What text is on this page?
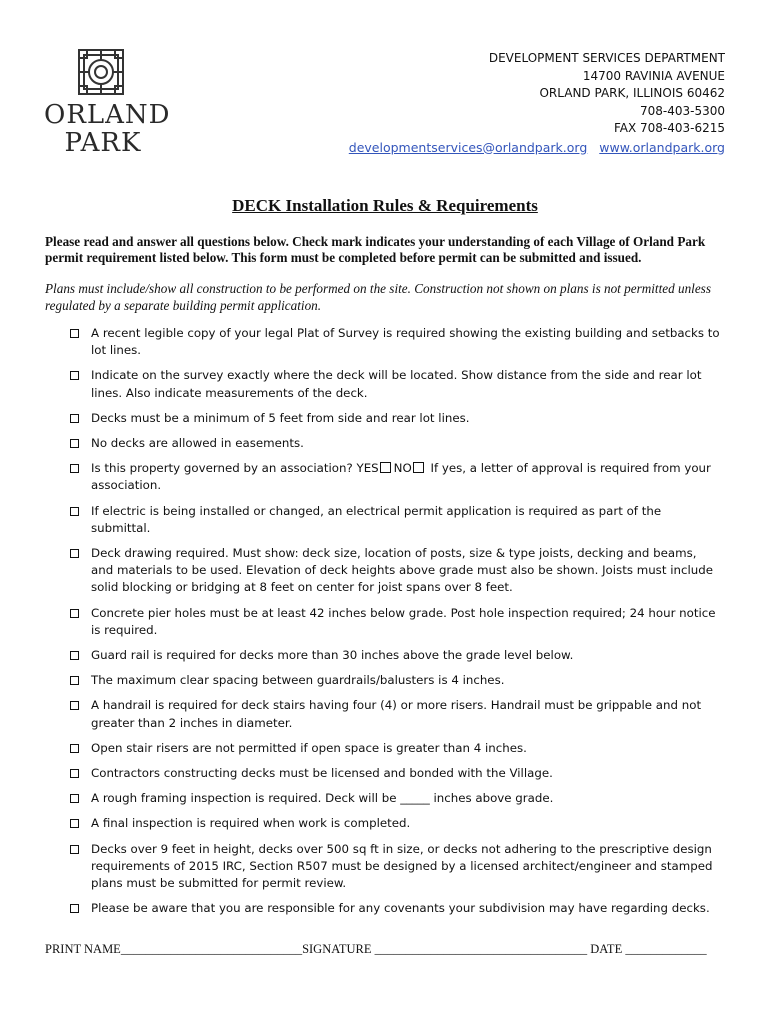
ORLAND
PARK
DEVELOPMENT SERVICES DEPARTMENT
14700 RAVINIA AVENUE
ORLAND PARK, ILLINOIS 60462
708-403-5300
FAX 708-403-6215
developmentservices@orlandpark.org www.orlandpark.org
DECK Installation Rules & Requirements
Please read and answer all questions below. Check mark indicates your understanding of each Village of Orland Park permit requirement listed below. This form must be completed before permit can be submitted and issued.
Plans must include/show all construction to be performed on the site. Construction not shown on plans is not permitted unless regulated by a separate building permit application.
A recent legible copy of your legal Plat of Survey is required showing the existing building and setbacks to lot lines.
Indicate on the survey exactly where the deck will be located. Show distance from the side and rear lot lines. Also indicate measurements of the deck.
Decks must be a minimum of 5 feet from side and rear lot lines.
No decks are allowed in easements.
Is this property governed by an association? YES NO If yes, a letter of approval is required from your association.
If electric is being installed or changed, an electrical permit application is required as part of the submittal.
Deck drawing required. Must show: deck size, location of posts, size & type joists, decking and beams, and materials to be used. Elevation of deck heights above grade must also be shown. Joists must include solid blocking or bridging at 8 feet on center for joist spans over 8 feet.
Concrete pier holes must be at least 42 inches below grade. Post hole inspection required; 24 hour notice is required.
Guard rail is required for decks more than 30 inches above the grade level below.
The maximum clear spacing between guardrails/balusters is 4 inches.
A handrail is required for deck stairs having four (4) or more risers. Handrail must be grippable and not greater than 2 inches in diameter.
Open stair risers are not permitted if open space is greater than 4 inches.
Contractors constructing decks must be licensed and bonded with the Village.
A rough framing inspection is required. Deck will be _____ inches above grade.
A final inspection is required when work is completed.
Decks over 9 feet in height, decks over 500 sq ft in size, or decks not adhering to the prescriptive design requirements of 2015 IRC, Section R507 must be designed by a licensed architect/engineer and stamped plans must be submitted for permit review.
Please be aware that you are responsible for any covenants your subdivision may have regarding decks.
PRINT NAME_____________________________SIGNATURE __________________________________ DATE _____________
